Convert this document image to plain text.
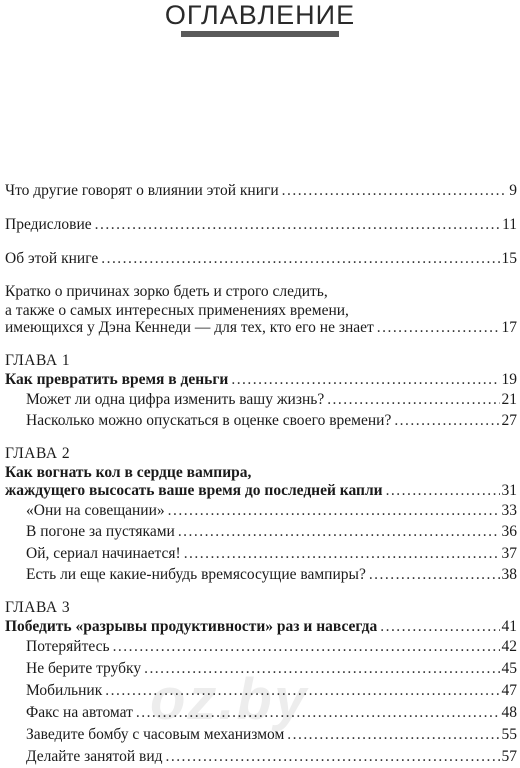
ОГЛАВЛЕНИЕ
Что другие говорят о влиянии этой книги . . .	9
Предисловие . . .	11
Об этой книге . . .	15
Кратко о причинах зорко бдеть и строго следить,
а также о самых интересных применениях времени,
имеющихся у Дэна Кеннеди — для тех, кто его не знает . . .	17
ГЛАВА 1
Как превратить время в деньги . . .	19
Может ли одна цифра изменить вашу жизнь? . . .	21
Насколько можно опускаться в оценке своего времени? . . .	27
ГЛАВА 2
Как вогнать кол в сердце вампира,
жаждущего высосать ваше время до последней капли . . .	31
«Они на совещании» . . .	33
В погоне за пустяками . . .	36
Ой, сериал начинается! . . .	37
Есть ли еще какие-нибудь времясосущие вампиры? . . .	38
ГЛАВА 3
Победить «разрывы продуктивности» раз и навсегда . . .	41
Потеряйтесь . . .	42
Не берите трубку . . .	45
Мобильник . . .	47
Факс на автомат . . .	48
Заведите бомбу с часовым механизмом . . .	55
Делайте занятой вид . . .	57
oz.by
